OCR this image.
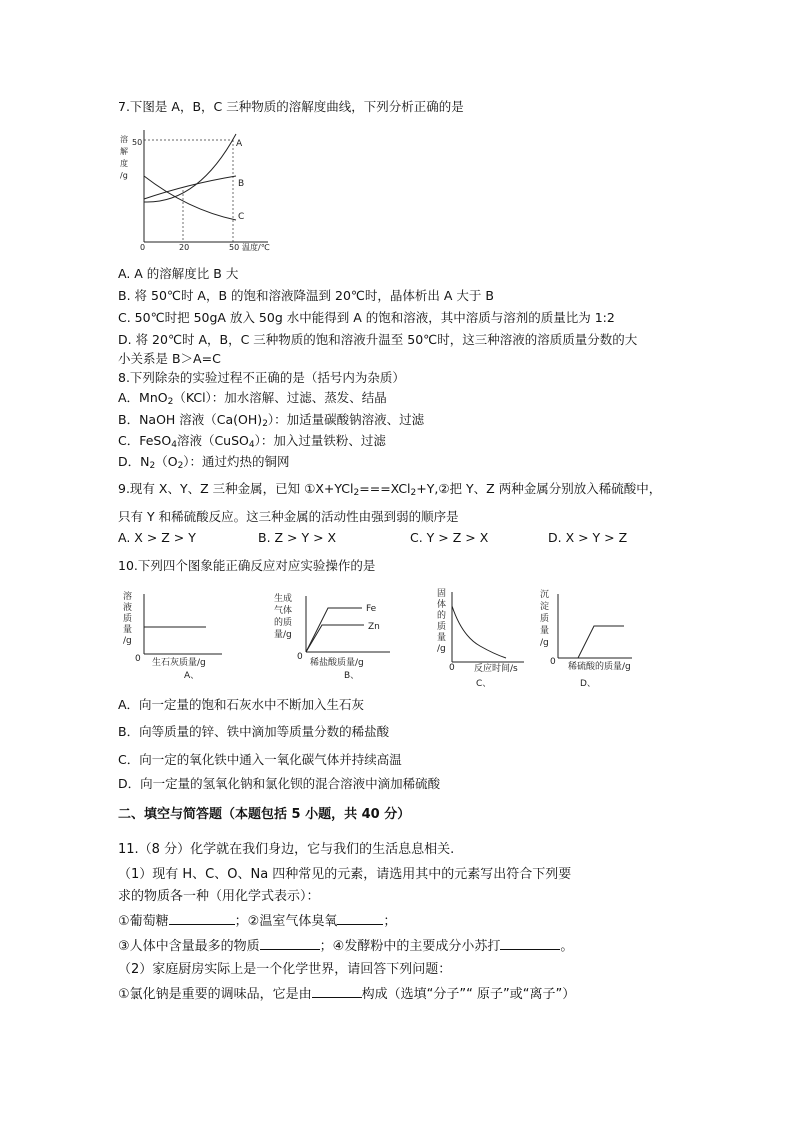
7.下图是 A，B，C 三种物质的溶解度曲线，下列分析正确的是
溶
解
度
/g
50
0	20	50 温度/℃
A
B
C
A. A 的溶解度比 B 大
B. 将 50℃时 A，B 的饱和溶液降温到 20℃时，晶体析出 A 大于 B
C. 50℃时把 50gA 放入 50g 水中能得到 A 的饱和溶液，其中溶质与溶剂的质量比为 1:2
D. 将 20℃时 A，B，C 三种物质的饱和溶液升温至 50℃时，这三种溶液的溶质质量分数的大
小关系是 B＞A=C
8.下列除杂的实验过程不正确的是（括号内为杂质）
A．MnO$_2$（KCl）：加水溶解、过滤、蒸发、结晶
B．NaOH 溶液$(Ca(OH)_2)$：加适量碳酸钠溶液、过滤
C．FeSO$_4$溶液（CuSO$_4$）：加入过量铁粉、过滤
D．$N_2(O_2)$：通过灼热的铜网
9.现有 X、Y、Z 三种金属，已知 ①X+YCl$_2$===XCl$_2$+Y,②把 Y、Z 两种金属分别放入稀硫酸中，
只有 Y 和稀硫酸反应。这三种金属的活动性由强到弱的顺序是
A. X > Z > Y	B. Z > Y > X	C. Y > Z > X	D. X > Y > Z
10.下列四个图象能正确反应对应实验操作的是
溶
液
质
量
/g
0 生石灰质量/g
A、
生成
气体
的质
量/g
0
稀盐酸质量/g
B、
Fe
Zn
固
体
的
质
量
/g
0 反应时间/s
C、
沉
淀
质
量
/g
0 稀硫酸的质量/g
D、
A．向一定量的饱和石灰水中不断加入生石灰
B．向等质量的锌、铁中滴加等质量分数的稀盐酸
C．向一定的氧化铁中通入一氧化碳气体并持续高温
D．向一定量的氢氧化钠和氯化钡的混合溶液中滴加稀硫酸
二、填空与简答题（本题包括 5 小题，共 40 分）
11.（8 分）化学就在我们身边，它与我们的生活息息相关.
（1）现有 H、C、O、Na 四种常见的元素，请选用其中的元素写出符合下列要
求的物质各一种（用化学式表示）：
①葡萄糖	；②温室气体臭氧	；
③人体中含量最多的物质	；④发酵粉中的主要成分小苏打	。
（2）家庭厨房实际上是一个化学世界，请回答下列问题：
①氯化钠是重要的调味品，它是由	构成（选填“分子”“ 原子”或“离子”）
